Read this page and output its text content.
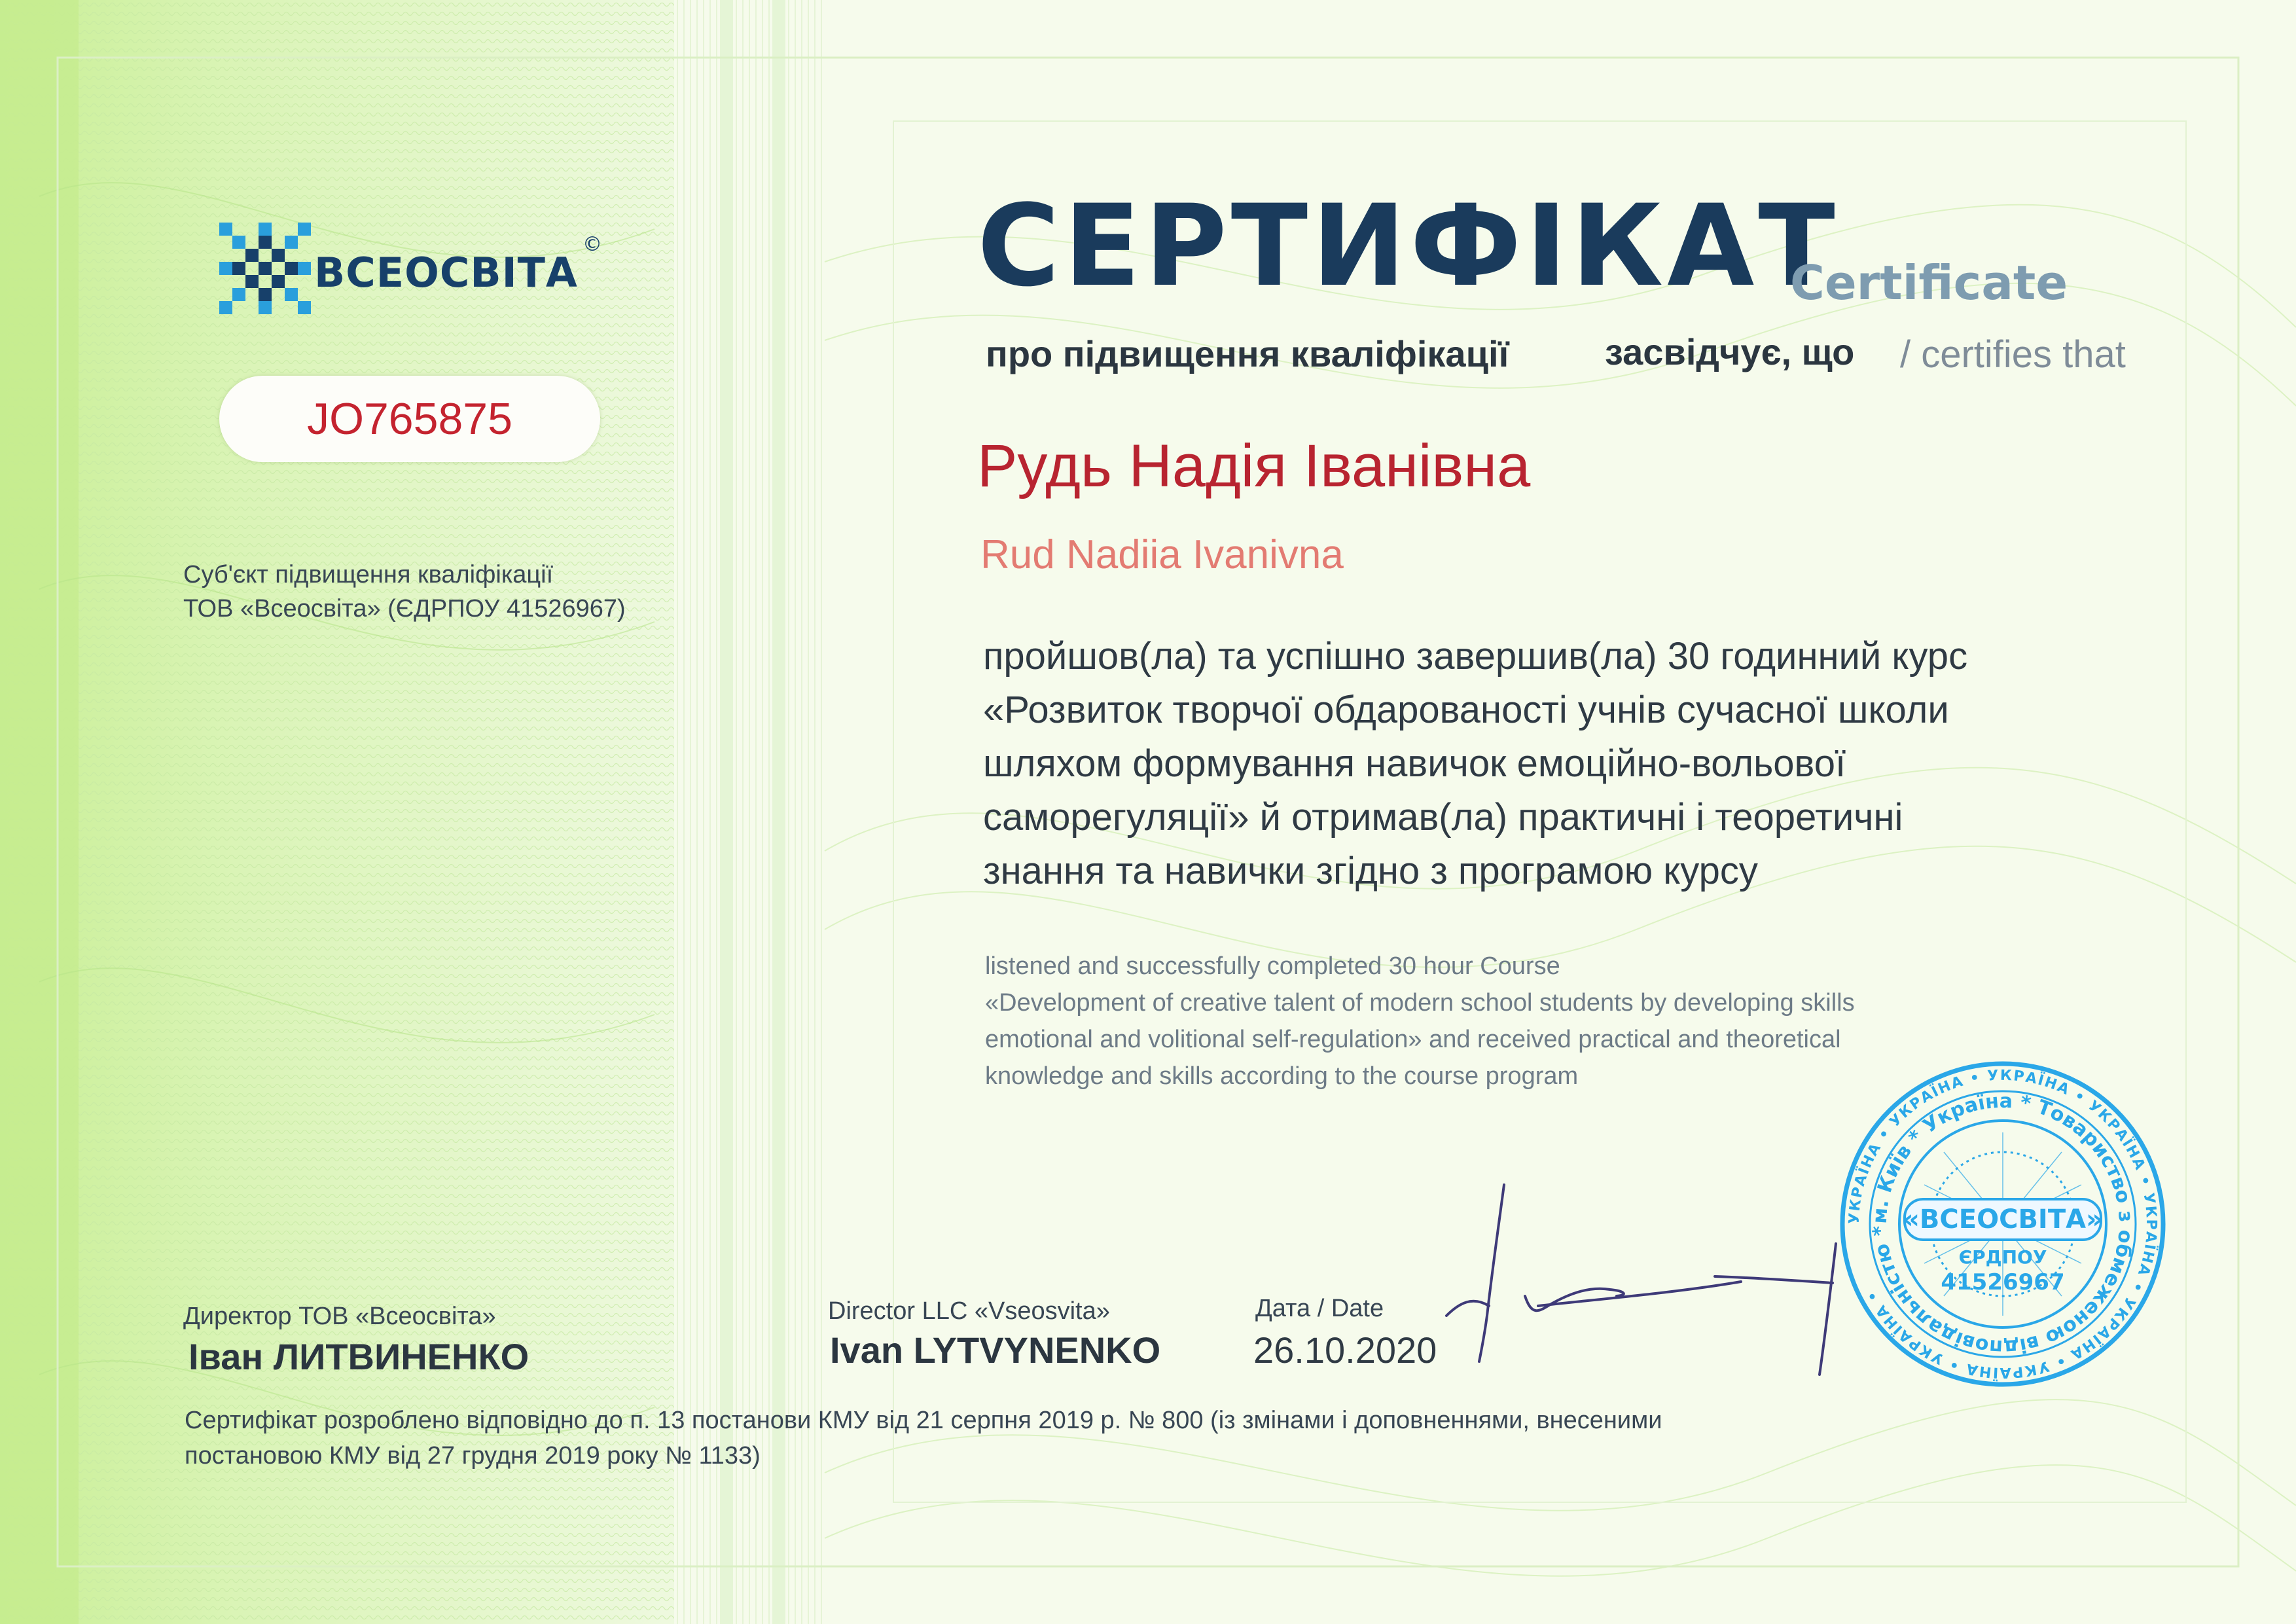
ВСЕОСВІТА
©
JO765875
Суб'єкт підвищення кваліфікації
ТОВ «Всеосвіта» (ЄДРПОУ 41526967)
СЕРТИФІКАТ
Certificate
про підвищення кваліфікації	засвідчує, що / certifies that
Рудь Надія Іванівна
Rud Nadiia Ivanivna
пройшов(ла) та успішно завершив(ла) 30 годинний курс
«Розвиток творчої обдарованості учнів сучасної школи
шляхом формування навичок емоційно-вольової
саморегуляції» й отримав(ла) практичні і теоретичні
знання та навички згідно з програмою курсу
listened and successfully completed 30 hour Course
«Development of creative talent of modern school students by developing skills
emotional and volitional self-regulation» and received practical and theoretical
knowledge and skills according to the course program
Директор ТОВ «Всеосвіта»
Іван ЛИТВИНЕНКО
Director LLC «Vseosvita»
Ivan LYTVYNENKO
Дата / Date
26.10.2020
УКРАЇНА • УКРАЇНА • УКРАЇНА • УКРАЇНА • УКРАЇНА • УКРАЇНА • УКРАЇНА • УКРАЇНА •
м. Київ * Україна * Товариство з обмеженою відповідальністю * «ВСЕОСВІТА»
ЄРДПОУ
41526967
Сертифікат розроблено відповідно до п. 13 постанови КМУ від 21 серпня 2019 р. № 800 (із змінами і доповненнями, внесеними
постановою КМУ від 27 грудня 2019 року № 1133)
